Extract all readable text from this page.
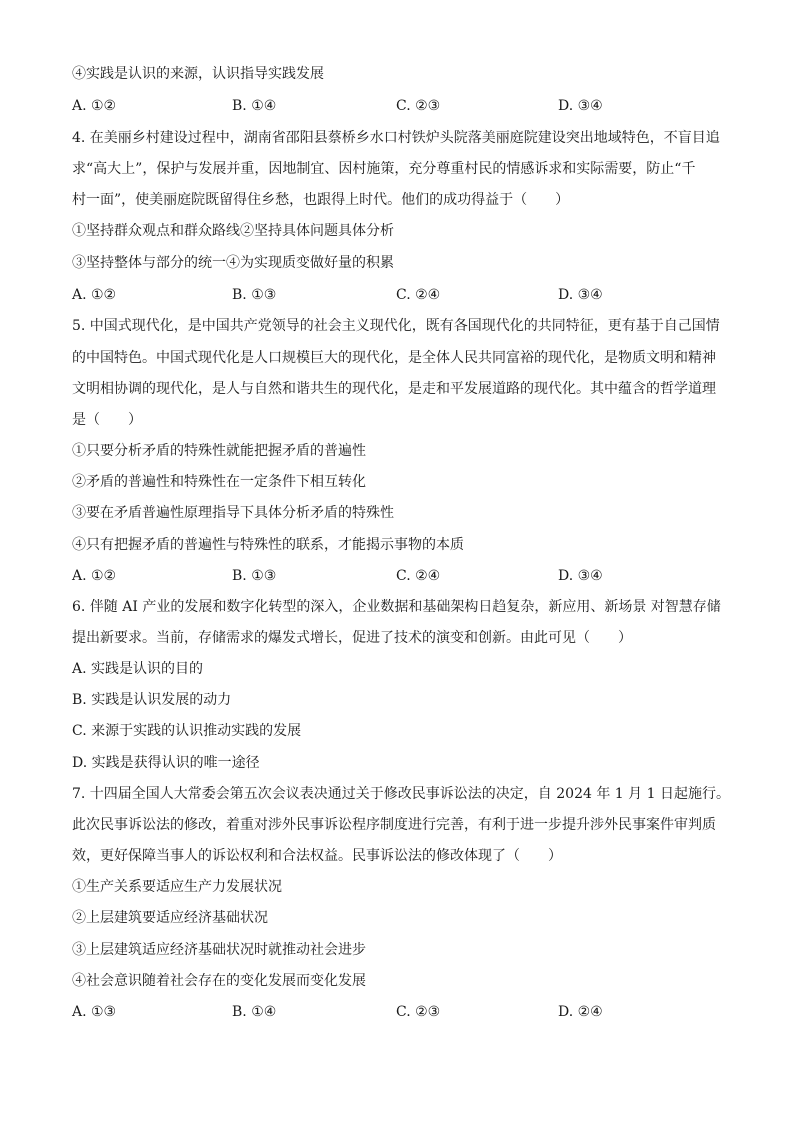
④实践是认识的来源，认识指导实践发展
A. ①②	B. ①④	C. ②③	D. ③④
4. 在美丽乡村建设过程中，湖南省邵阳县蔡桥乡水口村铁炉头院落美丽庭院建设突出地域特色，不盲目追
求“高大上”，保护与发展并重，因地制宜、因村施策，充分尊重村民的情感诉求和实际需要，防止“千
村一面”，使美丽庭院既留得住乡愁，也跟得上时代。他们的成功得益于（　　）
①坚持群众观点和群众路线②坚持具体问题具体分析
③坚持整体与部分的统一④为实现质变做好量的积累
A. ①②	B. ①③	C. ②④	D. ③④
5. 中国式现代化，是中国共产党领导的社会主义现代化，既有各国现代化的共同特征，更有基于自己国情
的中国特色。中国式现代化是人口规模巨大的现代化，是全体人民共同富裕的现代化，是物质文明和精神
文明相协调的现代化，是人与自然和谐共生的现代化，是走和平发展道路的现代化。其中蕴含的哲学道理
是（　　）
①只要分析矛盾的特殊性就能把握矛盾的普遍性
②矛盾的普遍性和特殊性在一定条件下相互转化
③要在矛盾普遍性原理指导下具体分析矛盾的特殊性
④只有把握矛盾的普遍性与特殊性的联系，才能揭示事物的本质
A. ①②	B. ①③	C. ②④	D. ③④
6. 伴随 AI 产业的发展和数字化转型的深入，企业数据和基础架构日趋复杂，新应用、新场景 对智慧存储
提出新要求。当前，存储需求的爆发式增长，促进了技术的演变和创新。由此可见（　　）
A. 实践是认识的目的
B. 实践是认识发展的动力
C. 来源于实践的认识推动实践的发展
D. 实践是获得认识的唯一途径
7. 十四届全国人大常委会第五次会议表决通过关于修改民事诉讼法的决定，自 2024 年 1 月 1 日起施行。
此次民事诉讼法的修改，着重对涉外民事诉讼程序制度进行完善，有利于进一步提升涉外民事案件审判质
效，更好保障当事人的诉讼权利和合法权益。民事诉讼法的修改体现了（　　）
①生产关系要适应生产力发展状况
②上层建筑要适应经济基础状况
③上层建筑适应经济基础状况时就推动社会进步
④社会意识随着社会存在的变化发展而变化发展
A. ①③	B. ①④	C. ②③	D. ②④
